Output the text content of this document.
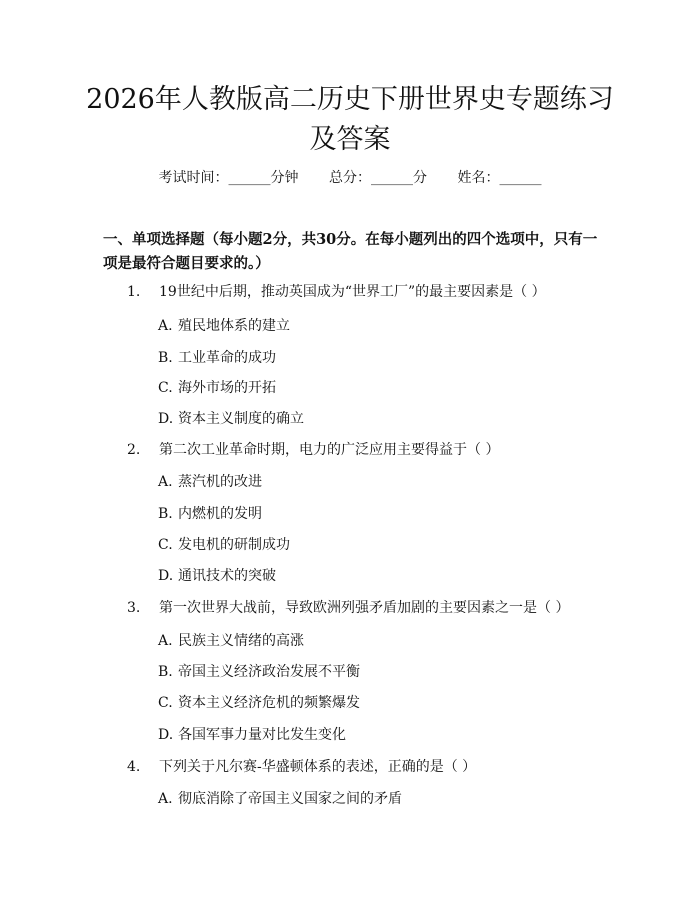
2026年人教版高二历史下册世界史专题练习
及答案
考试时间：______分钟 总分：______分 姓名：______

一、单项选择题（每小题2分，共30分。在每小题列出的四个选项中，只有一项是最符合题目要求的。）

1. 19世纪中后期，推动英国成为“世界工厂”的最主要因素是（ ）
A. 殖民地体系的建立
B. 工业革命的成功
C. 海外市场的开拓
D. 资本主义制度的确立
2. 第二次工业革命时期，电力的广泛应用主要得益于（ ）
A. 蒸汽机的改进
B. 内燃机的发明
C. 发电机的研制成功
D. 通讯技术的突破
3. 第一次世界大战前，导致欧洲列强矛盾加剧的主要因素之一是（ ）
A. 民族主义情绪的高涨
B. 帝国主义经济政治发展不平衡
C. 资本主义经济危机的频繁爆发
D. 各国军事力量对比发生变化
4. 下列关于凡尔赛-华盛顿体系的表述，正确的是（ ）
A. 彻底消除了帝国主义国家之间的矛盾
